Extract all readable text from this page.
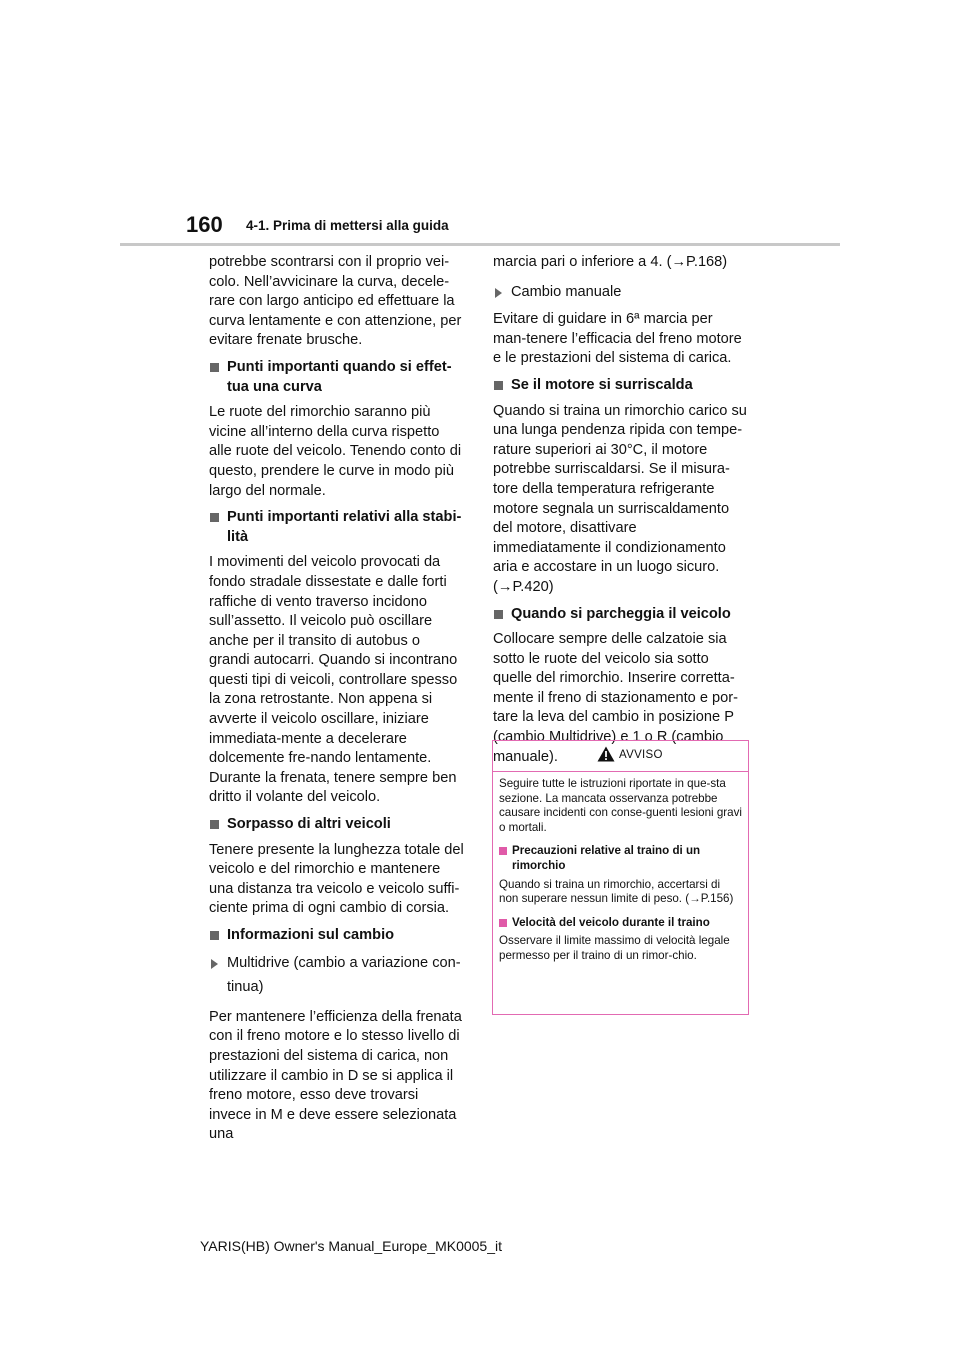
160 4-1. Prima di mettersi alla guida

potrebbe scontrarsi con il proprio vei-colo. Nell’avvicinare la curva, decele-rare con largo anticipo ed effettuare la curva lentamente e con attenzione, per evitare frenate brusche.

Punti importanti quando si effet-tua una curva

Le ruote del rimorchio saranno più vicine all’interno della curva rispetto alle ruote del veicolo. Tenendo conto di questo, prendere le curve in modo più largo del normale.

Punti importanti relativi alla stabi-lità

I movimenti del veicolo provocati da fondo stradale dissestate e dalle forti raffiche di vento traverso incidono sull’assetto. Il veicolo può oscillare anche per il transito di autobus o grandi autocarri. Quando si incontrano questi tipi di veicoli, controllare spesso la zona retrostante. Non appena si avverte il veicolo oscillare, iniziare immediata-mente a decelerare dolcemente fre-nando lentamente. Durante la frenata, tenere sempre ben dritto il volante del veicolo.

Sorpasso di altri veicoli

Tenere presente la lunghezza totale del veicolo e del rimorchio e mantenere una distanza tra veicolo e veicolo suffi-ciente prima di ogni cambio di corsia.

Informazioni sul cambio
Multidrive (cambio a variazione con-
tinua)

Per mantenere l’efficienza della frenata con il freno motore e lo stesso livello di prestazioni del sistema di carica, non utilizzare il cambio in D se si applica il freno motore, esso deve trovarsi invece in M e deve essere selezionata una

marcia pari o inferiore a 4. (→P.168)

Cambio manuale

Evitare di guidare in 6ª marcia per man-tenere l’efficacia del freno motore e le prestazioni del sistema di carica.

Se il motore si surriscalda

Quando si traina un rimorchio carico su una lunga pendenza ripida con tempe-rature superiori ai 30°C, il motore potrebbe surriscaldarsi. Se il misura-tore della temperatura refrigerante motore segnala un surriscaldamento del motore, disattivare immediatamente il condizionamento aria e accostare in un luogo sicuro. (→P.420)

Quando si parcheggia il veicolo

Collocare sempre delle calzatoie sia sotto le ruote del veicolo sia sotto quelle del rimorchio. Inserire corretta-mente il freno di stazionamento e por-tare la leva del cambio in posizione P (cambio Multidrive) e 1 o R (cambio manuale).	AVVISO

Seguire tutte le istruzioni riportate in que-sta sezione. La mancata osservanza potrebbe causare incidenti con conse-guenti lesioni gravi o mortali.

Precauzioni relative al traino di un rimorchio

Quando si traina un rimorchio, accertarsi di non superare nessun limite di peso. (→P.156)

Velocità del veicolo durante il traino

Osservare il limite massimo di velocità legale permesso per il traino di un rimor-chio.

YARIS(HB) Owner's Manual_Europe_MK0005_it
